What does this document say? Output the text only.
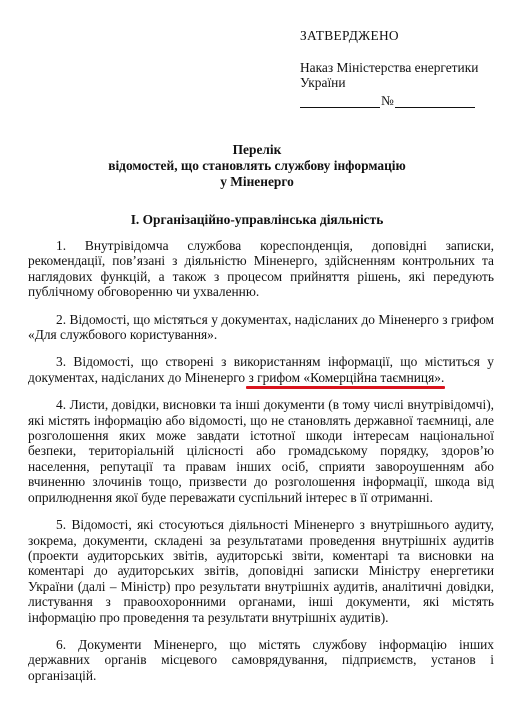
ЗАТВЕРДЖЕНО
Наказ Міністерства енергетики
України
№
Перелік
відомостей, що становлять службову інформацію
у Міненерго
I. Організаційно-управлінська діяльність

1. Внутрівідомча службова кореспонденція, доповідні записки, рекомендації, пов’язані з діяльністю Міненерго, здійсненням контрольних та наглядових функцій, а також з процесом прийняття рішень, які передують публічному обговоренню чи ухваленню.

2. Відомості, що містяться у документах, надісланих до Міненерго з грифом «Для службового користування».

3. Відомості, що створені з використанням інформації, що міститься у документах, надісланих до Міненерго з грифом «Комерційна таємниця».

4. Листи, довідки, висновки та інші документи (в тому числі внутрівідомчі), які містять інформацію або відомості, що не становлять державної таємниці, але розголошення яких може завдати істотної шкоди інтересам національної безпеки, територіальній цілісності або громадському порядку, здоров’ю населення, репутації та правам інших осіб, сприяти завороушенням або вчиненню злочинів тощо, призвести до розголошення інформації, шкода від оприлюднення якої буде переважати суспільний інтерес в її отриманні.

5. Відомості, які стосуються діяльності Міненерго з внутрішнього аудиту, зокрема, документи, складені за результатами проведення внутрішніх аудитів (проекти аудиторських звітів, аудиторські звіти, коментарі та висновки на коментарі до аудиторських звітів, доповідні записки Міністру енергетики України (далі – Міністр) про результати внутрішніх аудитів, аналітичні довідки, листування з правоохоронними органами, інші документи, які містять інформацію про проведення та результати внутрішніх аудитів).

6. Документи Міненерго, що містять службову інформацію інших державних органів місцевого самоврядування, підприємств, установ і організацій.
